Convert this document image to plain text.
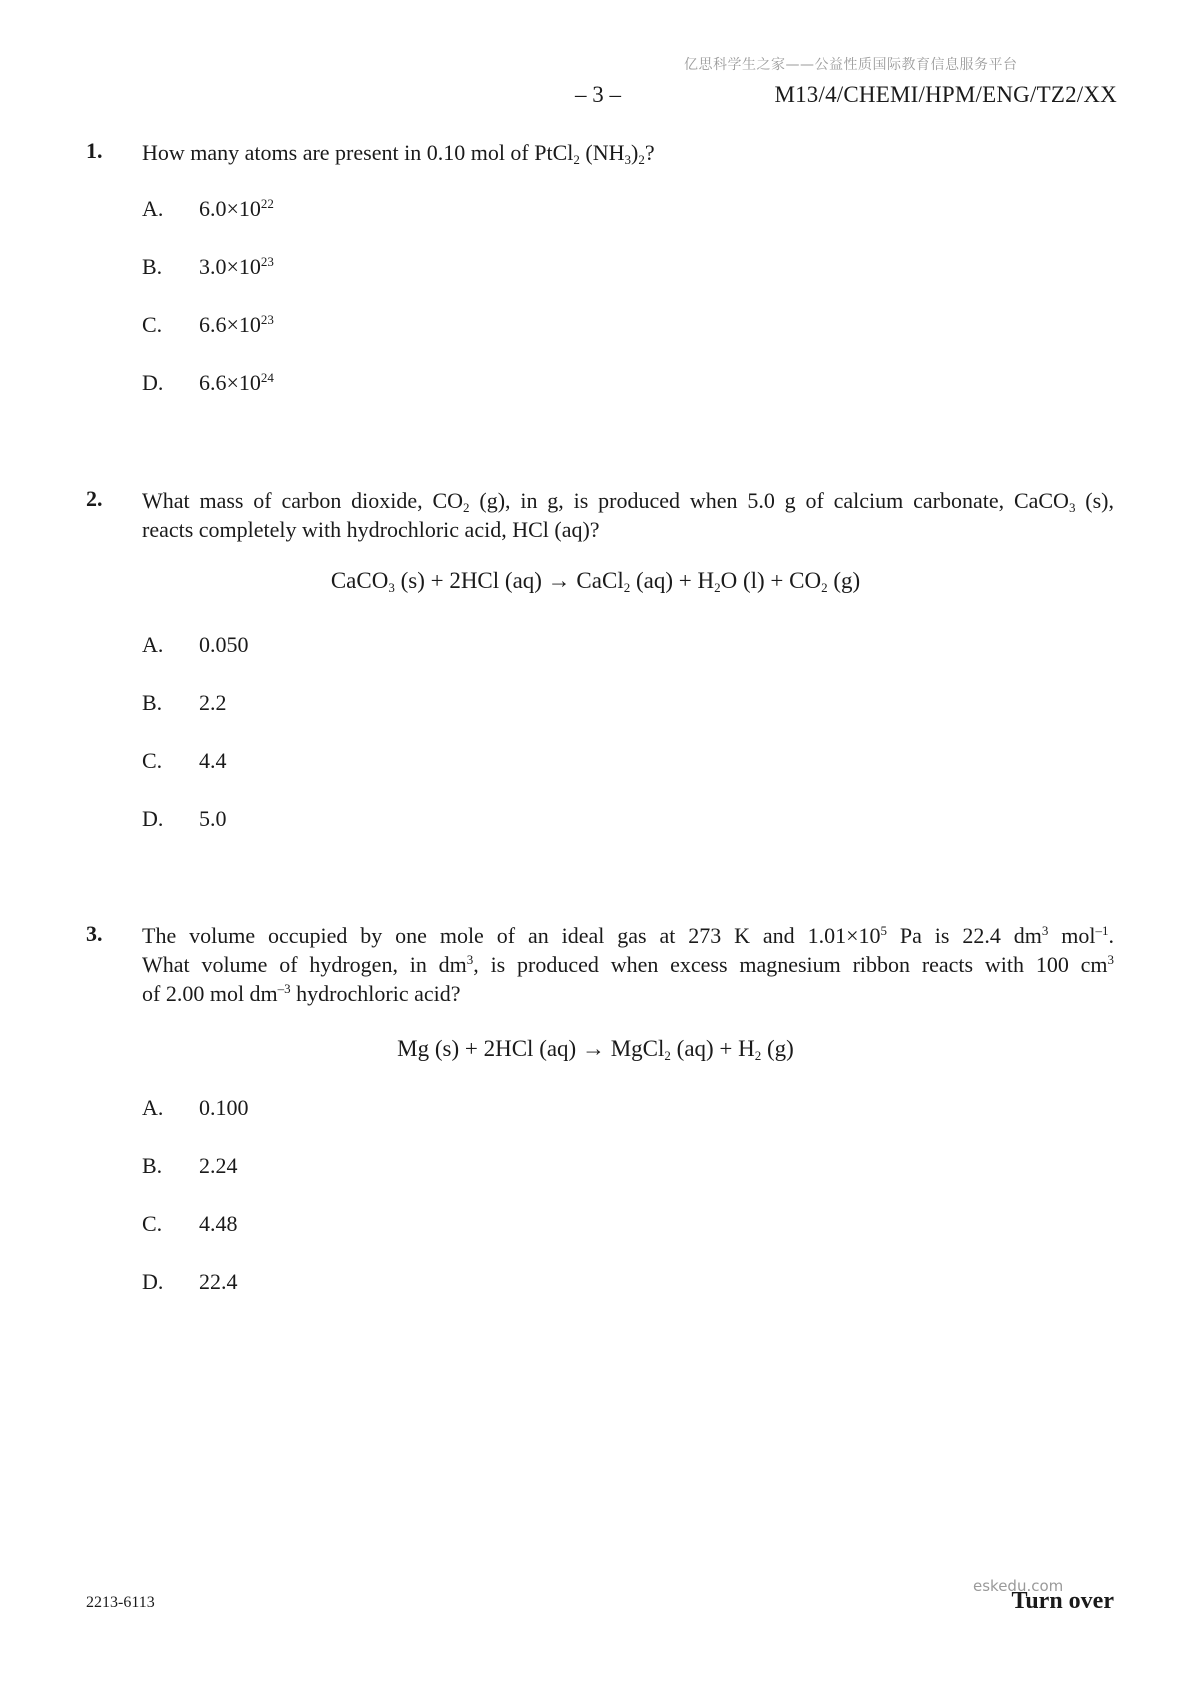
亿思科学生之家——公益性质国际教育信息服务平台
– 3 –	M13/4/CHEMI/HPM/ENG/TZ2/XX
1. How many atoms are present in 0.10 mol of PtCl$_2$ $(NH_3)_2$?
A. $6.0\times 10^{22}$
B. $3.0\times 10^{23}$
C. $6.6\times 10^{23}$
D. $6.6\times 10^{24}$
2. What mass of carbon dioxide, $CO_2$ (g), in g, is produced when 5.0 g of calcium carbonate, CaCO$_3$ (s),
reacts completely with hydrochloric acid, HCl (aq)?
CaCO$_3$ (s) + 2HCl (aq) → CaCl$_2$ $(aq) + H_2O$ $(l) + CO_2$ (g)
A. 0.050
B. 2.2
C. 4.4
D. 5.0
3. The volume occupied by one mole of an ideal gas at 273 K and $1.01\times 10^5$ Pa is 22.4 $dm^3$ mol$^{-1}$.
What volume of hydrogen, in $dm^3$, is produced when excess magnesium ribbon reacts with 100 $cm^3$
of 2.00 mol $dm^{-3}$ hydrochloric acid?
Mg (s) + 2HCl (aq) → MgCl$_2$ $(aq) + H_2$ (g)
A. 0.100
B. 2.24
C. 4.48
D. 22.4
2213-6113
eskedu.com
Turn over
